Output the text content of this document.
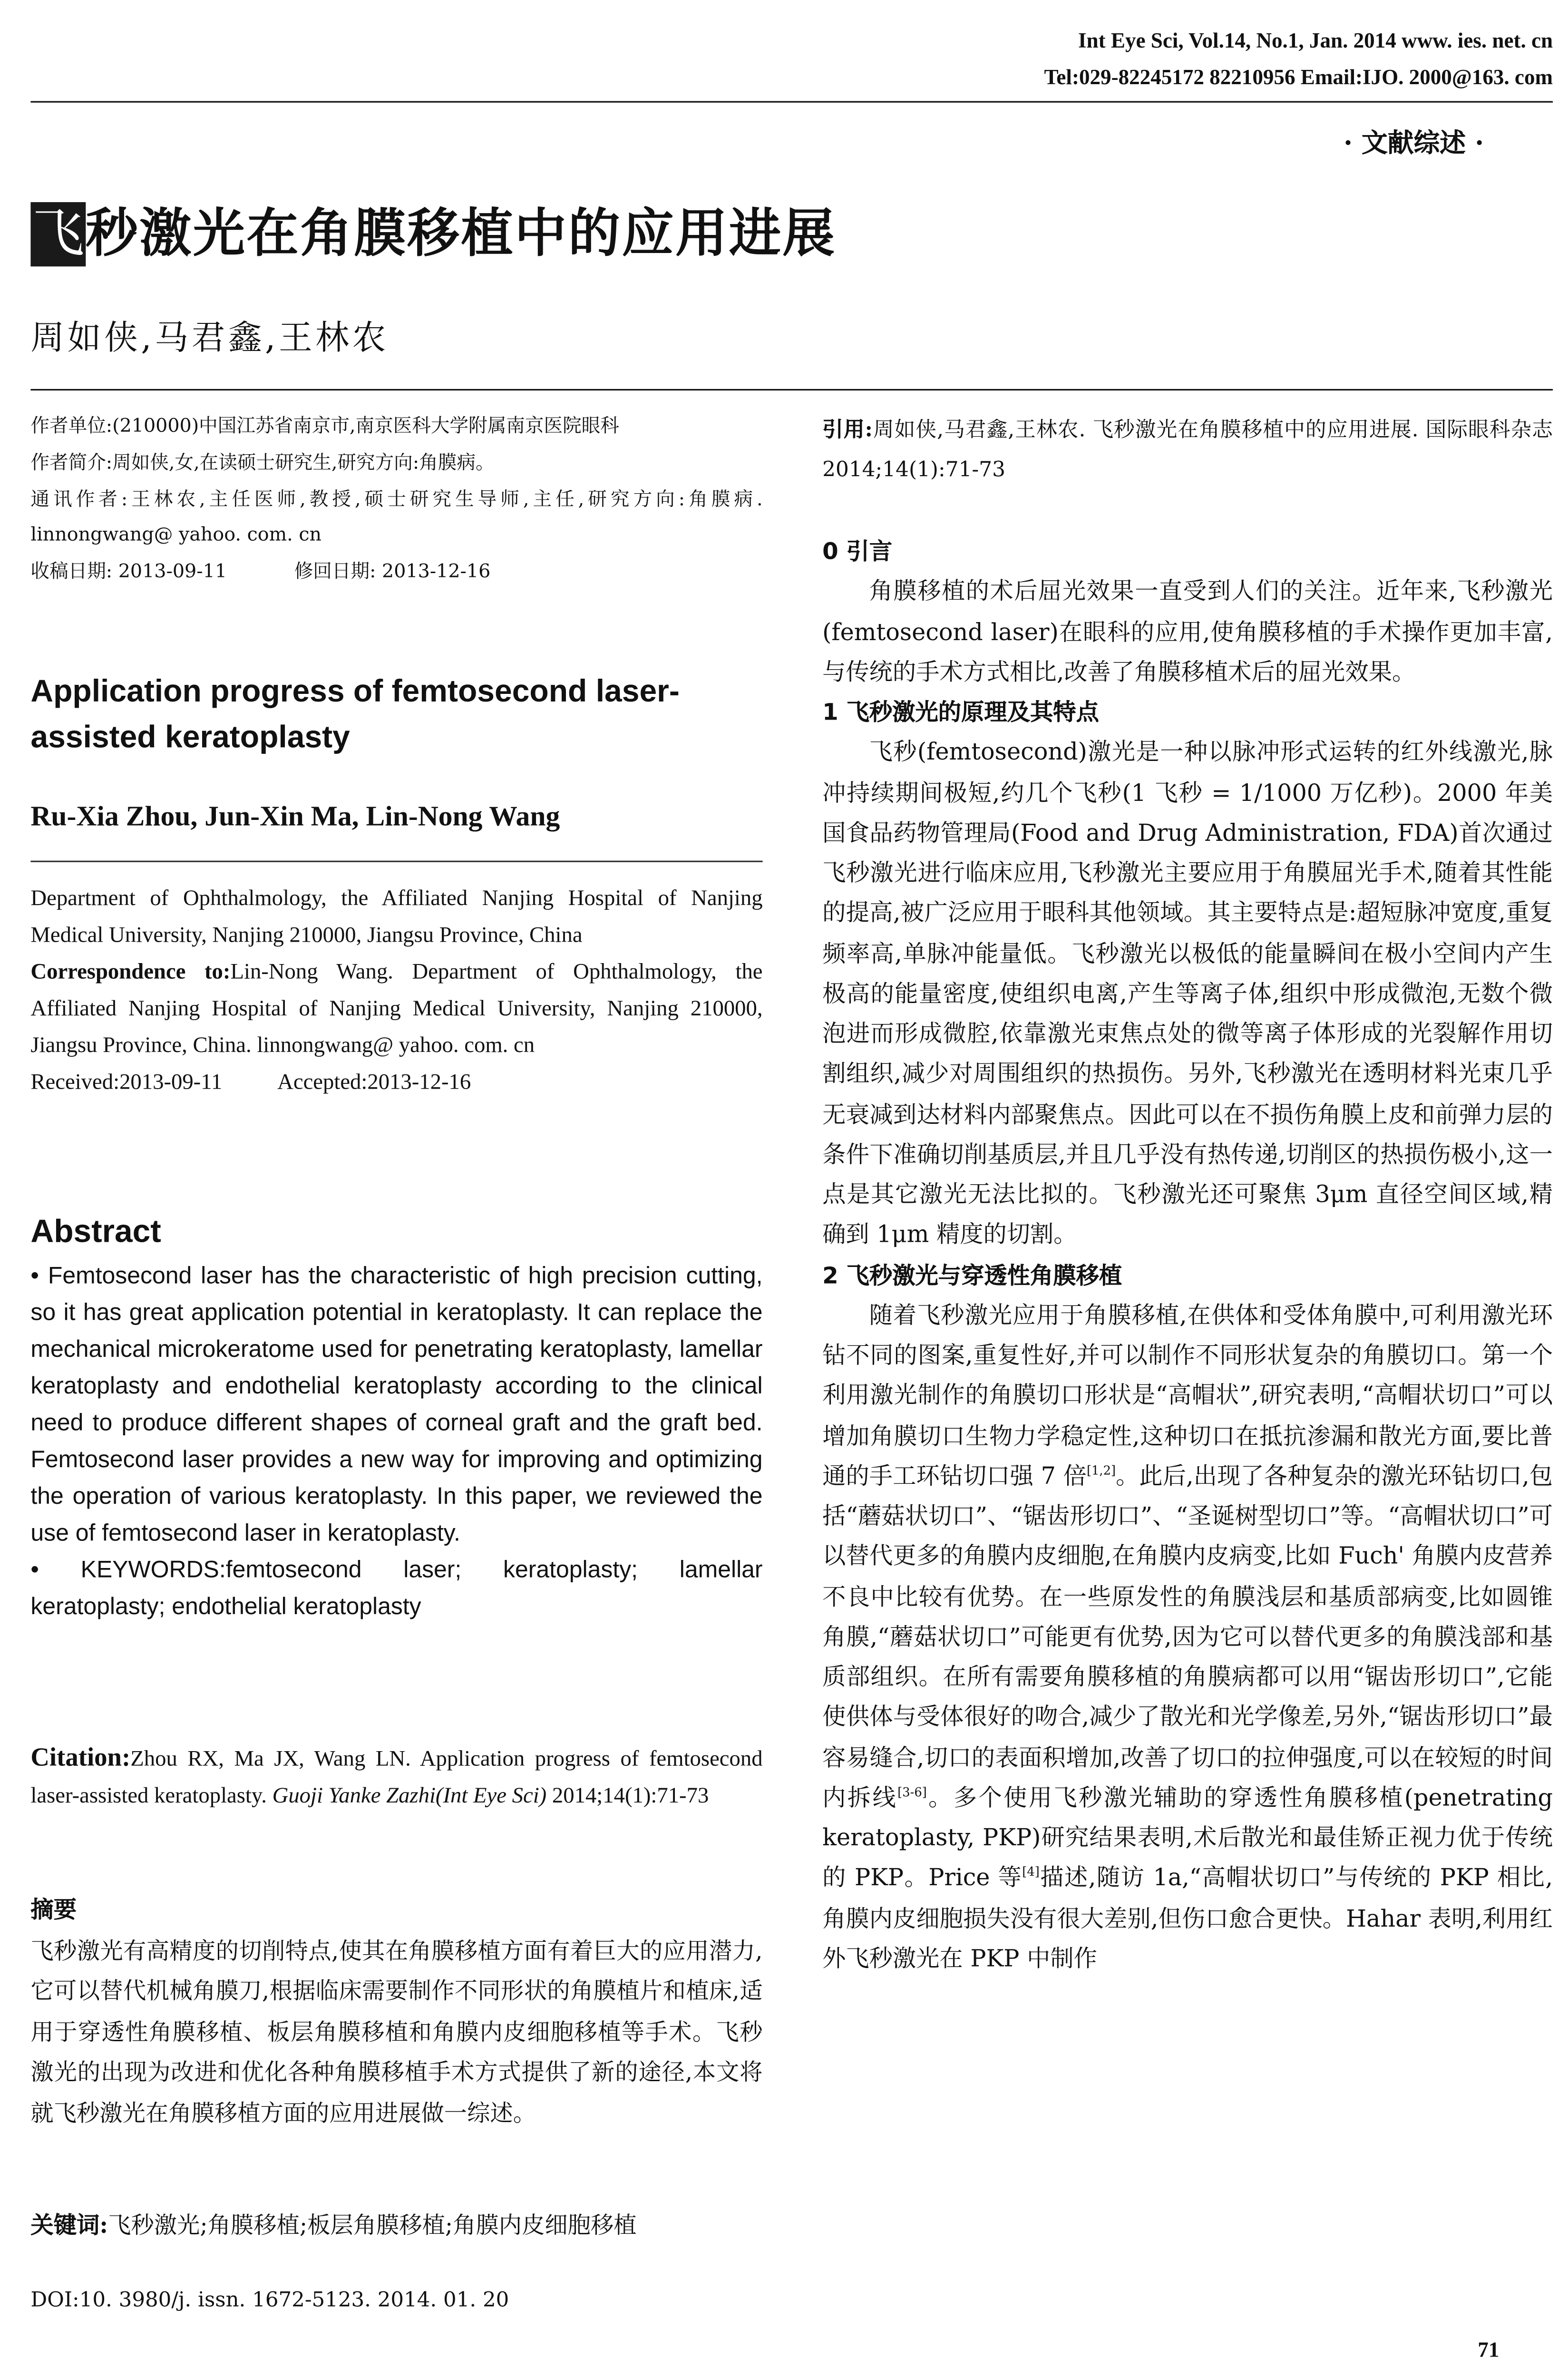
Int Eye Sci, Vol.14, No.1, Jan. 2014 www. ies. net. cn
Tel:029-82245172 82210956 Email:IJO. 2000@163. com
· 文献综述 ·
飞秒激光在角膜移植中的应用进展
周如侠,马君鑫,王林农

作者单位:(210000)中国江苏省南京市,南京医科大学附属南京医院眼科

作者简介:周如侠,女,在读硕士研究生,研究方向:角膜病。

通讯作者:王林农,主任医师,教授,硕士研究生导师,主任,研究方向:角膜病. linnongwang@ yahoo. com. cn

收稿日期: 2013-09-11	修回日期: 2013-12-16

Application progress of femtosecond laser-assisted keratoplasty
Ru-Xia Zhou, Jun-Xin Ma, Lin-Nong Wang
Department of Ophthalmology, the Affiliated Nanjing Hospital of Nanjing Medical University, Nanjing 210000, Jiangsu Province, China
Correspondence to:Lin-Nong Wang. Department of Ophthalmology, the Affiliated Nanjing Hospital of Nanjing Medical University, Nanjing 210000, Jiangsu Province, China. linnongwang@ yahoo. com. cn
Received:2013-09-11	Accepted:2013-12-16
Abstract
• Femtosecond laser has the characteristic of high precision cutting, so it has great application potential in keratoplasty. It can replace the mechanical microkeratome used for penetrating keratoplasty, lamellar keratoplasty and endothelial keratoplasty according to the clinical need to produce different shapes of corneal graft and the graft bed. Femtosecond laser provides a new way for improving and optimizing the operation of various keratoplasty. In this paper, we reviewed the use of femtosecond laser in keratoplasty.
• KEYWORDS:femtosecond laser; keratoplasty; lamellar keratoplasty; endothelial keratoplasty
Citation:Zhou RX, Ma JX, Wang LN. Application progress of femtosecond laser-assisted keratoplasty. Guoji Yanke Zazhi(Int Eye Sci) 2014;14(1):71-73
摘要
飞秒激光有高精度的切削特点,使其在角膜移植方面有着巨大的应用潜力,它可以替代机械角膜刀,根据临床需要制作不同形状的角膜植片和植床,适用于穿透性角膜移植、板层角膜移植和角膜内皮细胞移植等手术。飞秒激光的出现为改进和优化各种角膜移植手术方式提供了新的途径,本文将就飞秒激光在角膜移植方面的应用进展做一综述。
关键词:飞秒激光;角膜移植;板层角膜移植;角膜内皮细胞移植
DOI:10. 3980/j. issn. 1672-5123. 2014. 01. 20
引用:周如侠,马君鑫,王林农. 飞秒激光在角膜移植中的应用进展. 国际眼科杂志 2014;14(1):71-73

0 引言

角膜移植的术后屈光效果一直受到人们的关注。近年来,飞秒激光(femtosecond laser)在眼科的应用,使角膜移植的手术操作更加丰富,与传统的手术方式相比,改善了角膜移植术后的屈光效果。

1 飞秒激光的原理及其特点

飞秒(femtosecond)激光是一种以脉冲形式运转的红外线激光,脉冲持续期间极短,约几个飞秒(1 飞秒 = 1/1000 万亿秒)。2000 年美国食品药物管理局(Food and Drug Administration, FDA)首次通过飞秒激光进行临床应用,飞秒激光主要应用于角膜屈光手术,随着其性能的提高,被广泛应用于眼科其他领域。其主要特点是:超短脉冲宽度,重复频率高,单脉冲能量低。飞秒激光以极低的能量瞬间在极小空间内产生极高的能量密度,使组织电离,产生等离子体,组织中形成微泡,无数个微泡进而形成微腔,依靠激光束焦点处的微等离子体形成的光裂解作用切割组织,减少对周围组织的热损伤。另外,飞秒激光在透明材料光束几乎无衰减到达材料内部聚焦点。因此可以在不损伤角膜上皮和前弹力层的条件下准确切削基质层,并且几乎没有热传递,切削区的热损伤极小,这一点是其它激光无法比拟的。飞秒激光还可聚焦 3μm 直径空间区域,精确到 1μm 精度的切割。

2 飞秒激光与穿透性角膜移植

随着飞秒激光应用于角膜移植,在供体和受体角膜中,可利用激光环钻不同的图案,重复性好,并可以制作不同形状复杂的角膜切口。第一个利用激光制作的角膜切口形状是“高帽状”,研究表明,“高帽状切口”可以增加角膜切口生物力学稳定性,这种切口在抵抗渗漏和散光方面,要比普通的手工环钻切口强 7 倍[1,2]。此后,出现了各种复杂的激光环钻切口,包括“蘑菇状切口”、“锯齿形切口”、“圣诞树型切口”等。“高帽状切口”可以替代更多的角膜内皮细胞,在角膜内皮病变,比如 Fuch' 角膜内皮营养不良中比较有优势。在一些原发性的角膜浅层和基质部病变,比如圆锥角膜,“蘑菇状切口”可能更有优势,因为它可以替代更多的角膜浅部和基质部组织。在所有需要角膜移植的角膜病都可以用“锯齿形切口”,它能使供体与受体很好的吻合,减少了散光和光学像差,另外,“锯齿形切口”最容易缝合,切口的表面积增加,改善了切口的拉伸强度,可以在较短的时间内拆线[3-6]。多个使用飞秒激光辅助的穿透性角膜移植(penetrating keratoplasty, PKP)研究结果表明,术后散光和最佳矫正视力优于传统的 PKP。Price 等[4]描述,随访 1a,“高帽状切口”与传统的 PKP 相比,角膜内皮细胞损失没有很大差别,但伤口愈合更快。Hahar 表明,利用红外飞秒激光在 PKP 中制作

71
